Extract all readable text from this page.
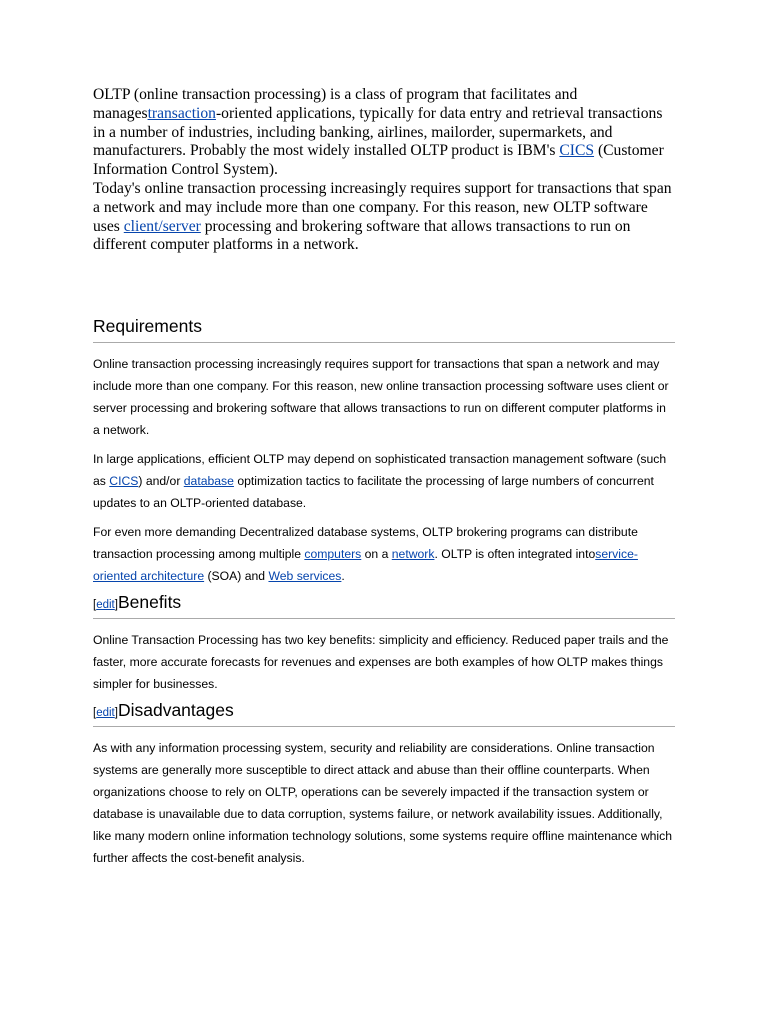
OLTP (online transaction processing) is a class of program that facilitates and managestransaction-oriented applications, typically for data entry and retrieval transactions in a number of industries, including banking, airlines, mailorder, supermarkets, and manufacturers. Probably the most widely installed OLTP product is IBM's CICS (Customer Information Control System).
Today's online transaction processing increasingly requires support for transactions that span a network and may include more than one company. For this reason, new OLTP software uses client/server processing and brokering software that allows transactions to run on different computer platforms in a network.

Requirements

Online transaction processing increasingly requires support for transactions that span a network and may include more than one company. For this reason, new online transaction processing software uses client or server processing and brokering software that allows transactions to run on different computer platforms in a network.

In large applications, efficient OLTP may depend on sophisticated transaction management software (such as CICS) and/or database optimization tactics to facilitate the processing of large numbers of concurrent updates to an OLTP-oriented database.

For even more demanding Decentralized database systems, OLTP brokering programs can distribute transaction processing among multiple computers on a network. OLTP is often integrated intoservice-oriented architecture (SOA) and Web services.

[edit]Benefits

Online Transaction Processing has two key benefits: simplicity and efficiency. Reduced paper trails and the faster, more accurate forecasts for revenues and expenses are both examples of how OLTP makes things simpler for businesses.

[edit]Disadvantages

As with any information processing system, security and reliability are considerations. Online transaction systems are generally more susceptible to direct attack and abuse than their offline counterparts. When organizations choose to rely on OLTP, operations can be severely impacted if the transaction system or database is unavailable due to data corruption, systems failure, or network availability issues. Additionally, like many modern online information technology solutions, some systems require offline maintenance which further affects the cost-benefit analysis.
